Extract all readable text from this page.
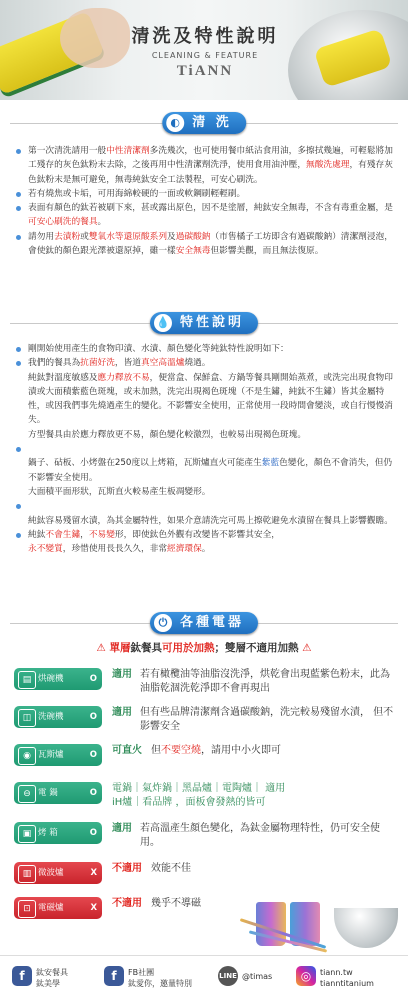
清洗及特性說明
CLEANING & FEATURE
TiANN
◐ 清 洗

第一次清洗請用一般中性清潔劑多洗幾次，也可使用餐巾紙沾食用油，多擦拭幾遍，可輕鬆將加工殘存的灰色鈦粉末去除，之後再用中性清潔劑洗淨，使用食用油沖壓，無酸洗處理，有殘存灰色鈦粉末是無可避免，無毒純鈦安全工法製程，可安心刷洗。

若有燒焦或卡垢，可用海綿較硬的一面或軟鋼刷輕輕刷。

表面有顏色的鈦若被刷下來，甚或露出原色，因不是塗層，純鈦安全無毒，不含有毒重金屬，是可安心刷洗的餐具。

請勿用去漬粉或雙氧水等還原酸系列及過碳酸鈉（市售橘子工坊即含有過碳酸鈉）清潔劑浸泡，會使鈦的顏色跟光澤被還原掉，雖一樣安全無毒但影響美觀，而且無法復原。

💧 特性說明

剛開始使用產生的食物印漬、水漬、顏色變化等純鈦特性說明如下：

我們的餐具為抗菌好洗，皆道真空高溫爐燒過。

純鈦對溫度敏感及應力釋放不易，便當盒、保鮮盒、方鍋等餐具剛開始蒸煮，或洗完出現食物印漬或大面積紫藍色斑塊，或未加熱，洗完出現褐色斑塊（不是生鏽，純鈦不生鏽）皆其金屬特性，或因我們事先燒過產生的變化。不影響安全使用，正常使用一段時間會變淡，或自行慢慢消失。

方型餐具由於應力釋放更不易，顏色變化較激烈，也較易出現褐色斑塊。

鍋子、砧板、小烤盤在250度以上烤箱，瓦斯爐直火可能產生紫藍色變化，顏色不會消失，但仍不影響安全使用。

大面積平面形狀，瓦斯直火較易產生板凋變形。

純鈦容易殘留水漬，為其金屬特性，如果介意請洗完可馬上擦乾避免水漬留在餐具上影響觀瞻。

純鈦不會生鏽，不易變形，即使鈦色外觀有改變皆不影響其安全，

永不變質，珍惜使用長長久久，非常經濟環保。

⏻ 各種電器
⚠ 單層鈦餐具可用於加熱；雙層不適用加熱 ⚠
▤ 烘碗機	O 適用 若有橄欖油等油脂沒洗淨，烘乾會出現藍紫色粉末，此為油脂乾涸洗乾淨即不會再現出
◫ 洗碗機	O 適用 但有些品牌清潔劑含過碳酸鈉，洗完較易殘留水漬， 但不影響安全
◉ 瓦斯爐	O 可直火 但不要空燒，請用中小火即可
⊖ 電 鍋	O 電鍋｜氣炸鍋｜黑晶爐｜電陶爐｜ 適用
iH爐｜看品牌 ，面板會發熱的皆可
▣ 烤 箱	O 適用 若高溫產生顏色變化，為鈦金屬物理特性，仍可安全使用。
▥ 微波爐	X 不適用 效能不佳
⊡ 電磁爐	X 不適用 幾乎不導磁
f	鈦安餐具
鈦美學
f	FB社團
鈦愛你，邀量特別
LINE @timas	◎	tiann.tw
tianntitanium
